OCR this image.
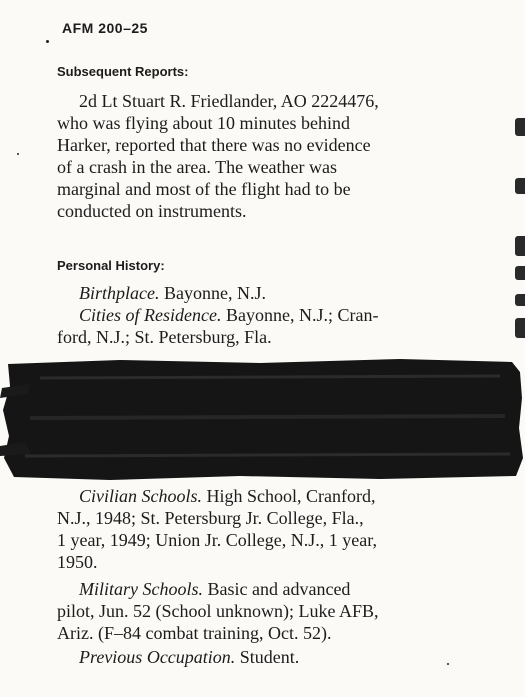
AFM 200–25
Subsequent Reports:
2d Lt Stuart R. Friedlander, AO 2224476,
who was flying about 10 minutes behind
Harker, reported that there was no evidence
of a crash in the area. The weather was
marginal and most of the flight had to be
conducted on instruments.
Personal History:
Birthplace. Bayonne, N.J.
Cities of Residence. Bayonne, N.J.; Cran-
ford, N.J.; St. Petersburg, Fla.
Civilian Schools. High School, Cranford,
N.J., 1948; St. Petersburg Jr. College, Fla.,
1 year, 1949; Union Jr. College, N.J., 1 year,
1950.
Military Schools. Basic and advanced
pilot, Jun. 52 (School unknown); Luke AFB,
Ariz. (F–84 combat training, Oct. 52).
Previous Occupation. Student.
